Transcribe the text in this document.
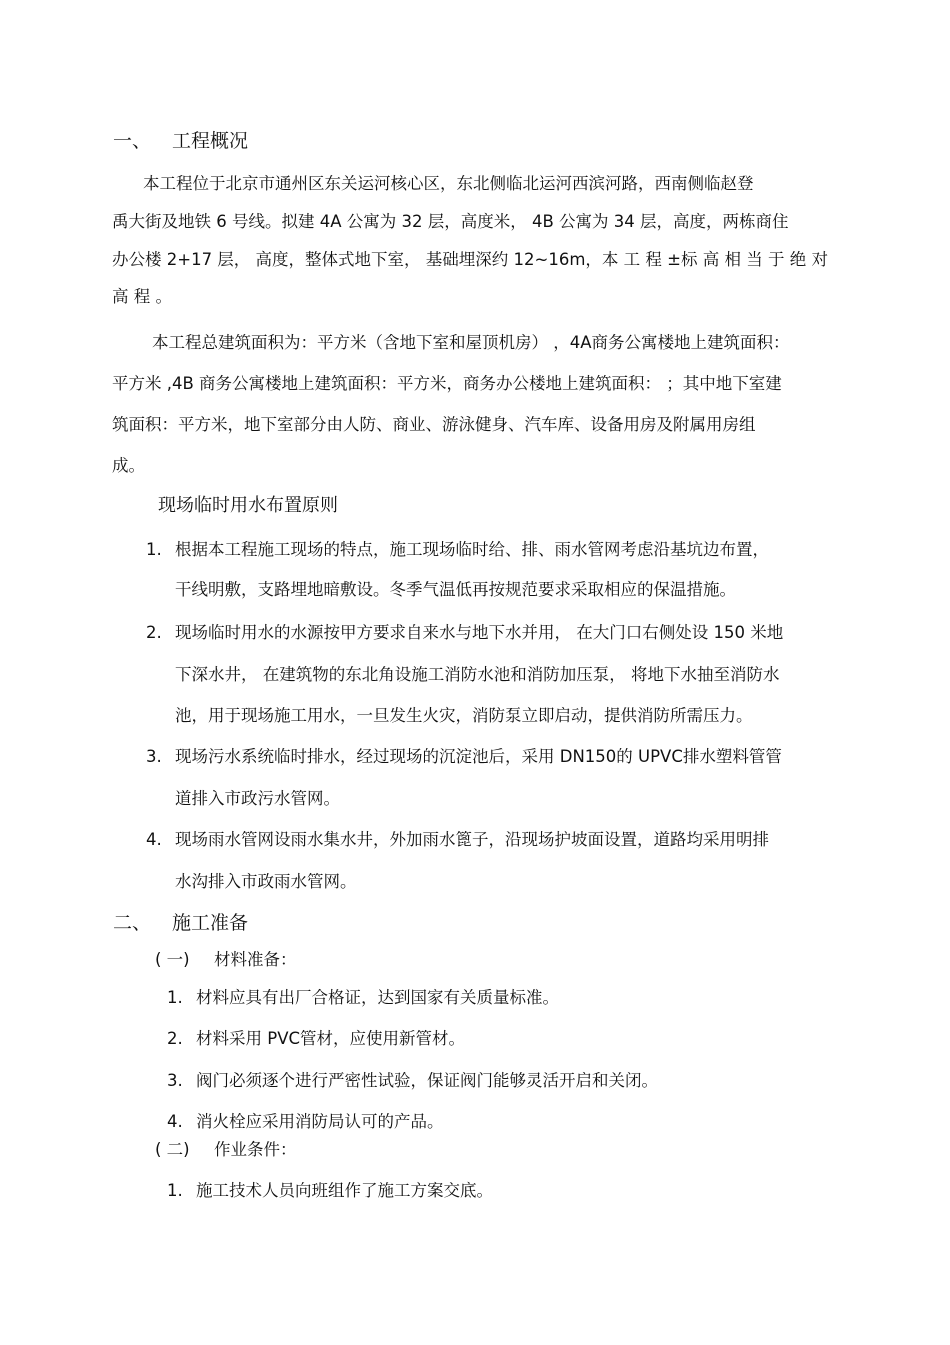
一、 工程概况
本工程位于北京市通州区东关运河核心区，东北侧临北运河西滨河路，西南侧临赵登
禹大街及地铁 6 号线。拟建 4A 公寓为 32 层，高度米， 4B 公寓为 34 层，高度，两栋商住
办公楼 2+17 层， 高度，整体式地下室， 基础埋深约 12~16m，本 工 程 ±标 高 相 当 于 绝 对
高 程 。
本工程总建筑面积为：平方米（含地下室和屋顶机房） ，4A商务公寓楼地上建筑面积：
平方米 ,4B 商务公寓楼地上建筑面积：平方米，商务办公楼地上建筑面积： ；其中地下室建
筑面积：平方米，地下室部分由人防、商业、游泳健身、汽车库、设备用房及附属用房组
成。
现场临时用水布置原则
1. 根据本工程施工现场的特点，施工现场临时给、排、雨水管网考虑沿基坑边布置，
干线明敷，支路埋地暗敷设。冬季气温低再按规范要求采取相应的保温措施。
2. 现场临时用水的水源按甲方要求自来水与地下水并用， 在大门口右侧处设 150 米地
下深水井， 在建筑物的东北角设施工消防水池和消防加压泵， 将地下水抽至消防水
池，用于现场施工用水，一旦发生火灾，消防泵立即启动，提供消防所需压力。
3. 现场污水系统临时排水，经过现场的沉淀池后，采用 DN150的 UPVC排水塑料管管
道排入市政污水管网。
4. 现场雨水管网设雨水集水井，外加雨水篦子，沿现场护坡面设置，道路均采用明排
水沟排入市政雨水管网。
二、 施工准备
( 一) 材料准备：
1. 材料应具有出厂合格证，达到国家有关质量标准。
2. 材料采用 PVC管材，应使用新管材。
3. 阀门必须逐个进行严密性试验，保证阀门能够灵活开启和关闭。
4. 消火栓应采用消防局认可的产品。
( 二) 作业条件：
1. 施工技术人员向班组作了施工方案交底。
